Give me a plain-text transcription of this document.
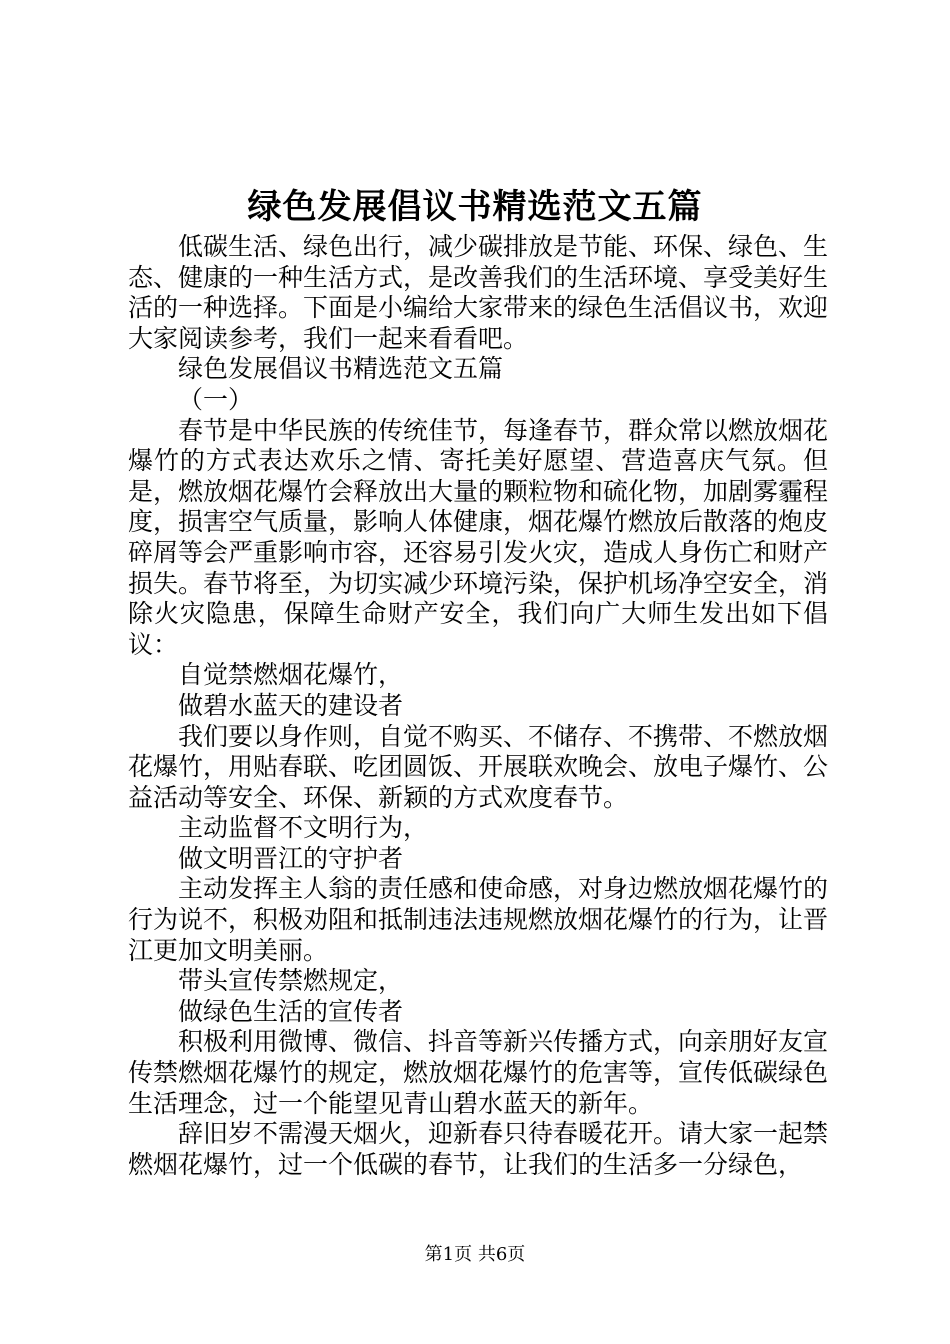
绿色发展倡议书精选范文五篇

低碳生活、绿色出行，减少碳排放是节能、环保、绿色、生态、健康的一种生活方式，是改善我们的生活环境、享受美好生活的一种选择。下面是小编给大家带来的绿色生活倡议书，欢迎大家阅读参考，我们一起来看看吧。

绿色发展倡议书精选范文五篇

（一）

春节是中华民族的传统佳节，每逢春节，群众常以燃放烟花爆竹的方式表达欢乐之情、寄托美好愿望、营造喜庆气氛。但是，燃放烟花爆竹会释放出大量的颗粒物和硫化物，加剧雾霾程度，损害空气质量，影响人体健康，烟花爆竹燃放后散落的炮皮碎屑等会严重影响市容，还容易引发火灾，造成人身伤亡和财产损失。春节将至，为切实减少环境污染，保护机场净空安全，消除火灾隐患，保障生命财产安全，我们向广大师生发出如下倡议：

自觉禁燃烟花爆竹，

做碧水蓝天的建设者

我们要以身作则，自觉不购买、不储存、不携带、不燃放烟花爆竹，用贴春联、吃团圆饭、开展联欢晚会、放电子爆竹、公益活动等安全、环保、新颖的方式欢度春节。

主动监督不文明行为，

做文明晋江的守护者

主动发挥主人翁的责任感和使命感，对身边燃放烟花爆竹的行为说不，积极劝阻和抵制违法违规燃放烟花爆竹的行为，让晋江更加文明美丽。

带头宣传禁燃规定，

做绿色生活的宣传者

积极利用微博、微信、抖音等新兴传播方式，向亲朋好友宣传禁燃烟花爆竹的规定，燃放烟花爆竹的危害等，宣传低碳绿色生活理念，过一个能望见青山碧水蓝天的新年。

辞旧岁不需漫天烟火，迎新春只待春暖花开。请大家一起禁燃烟花爆竹，过一个低碳的春节，让我们的生活多一分绿色，

第1页 共6页
